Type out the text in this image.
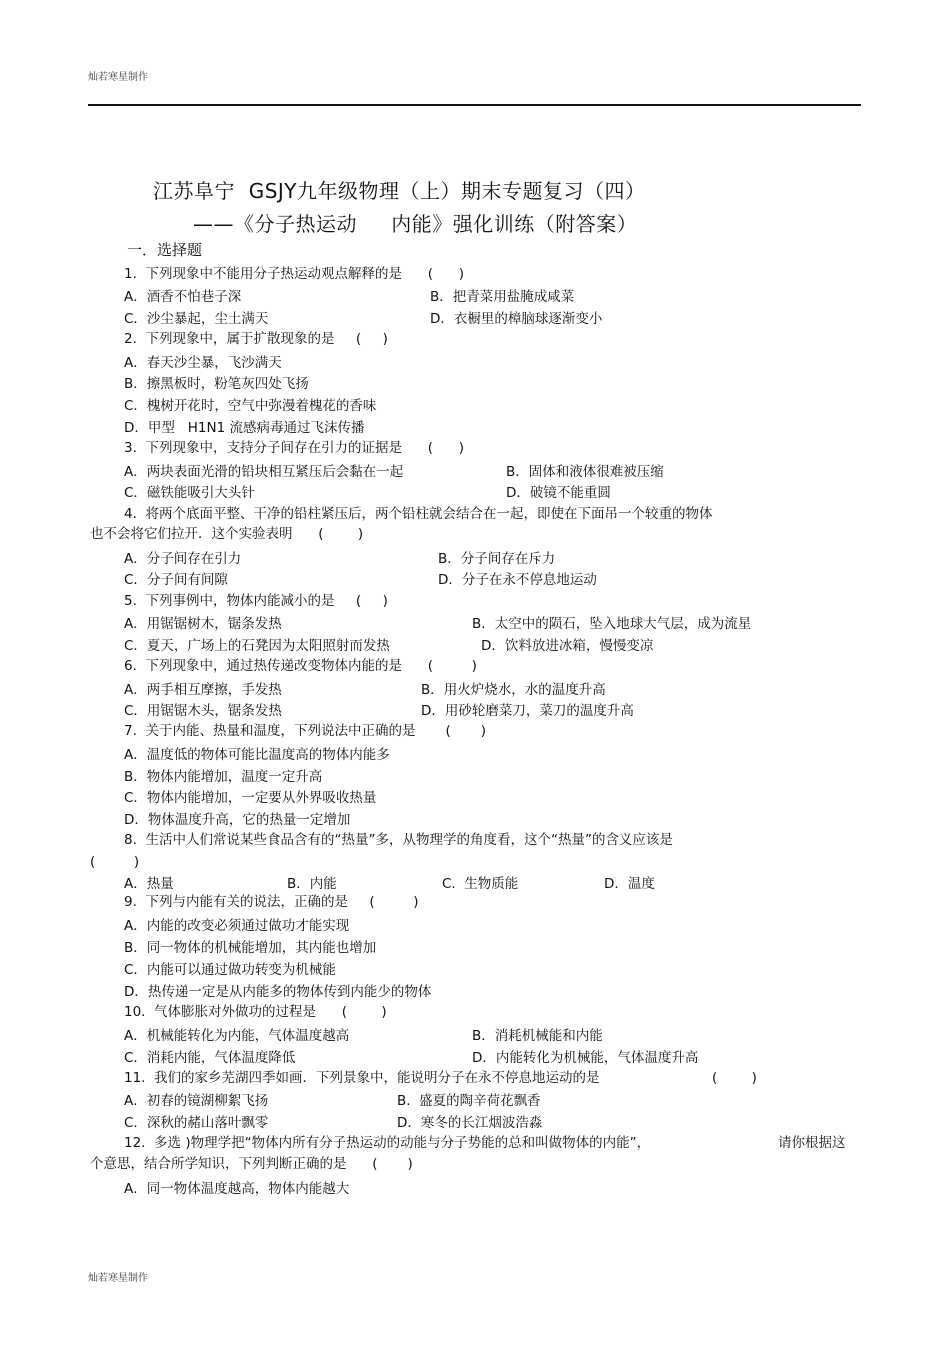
灿若寒星制作
江苏阜宁  GSJY九年级物理（上）期末专题复习（四）
——《分子热运动     内能》强化训练（附答案）
一．选择题
1.  下列现象中不能用分子热运动观点解释的是      (      )
A．酒香不怕巷子深	B．把青菜用盐腌成咸菜
C．沙尘暴起，尘土满天	D．衣橱里的樟脑球逐渐变小
2.  下列现象中，属于扩散现象的是     (     )
A．春天沙尘暴，飞沙满天
B．擦黑板时，粉笔灰四处飞扬
C．槐树开花时，空气中弥漫着槐花的香味
D．甲型   H1N1 流感病毒通过飞沫传播
3.  下列现象中，支持分子间存在引力的证据是      (      )
A．两块表面光滑的铅块相互紧压后会黏在一起	B．固体和液体很难被压缩
C．磁铁能吸引大头针	D．破镜不能重圆
4.  将两个底面平整、干净的铅柱紧压后，两个铅柱就会结合在一起，即使在下面吊一个较重的物体
也不会将它们拉开．这个实验表明      (        )
A．分子间存在引力	B．分子间存在斥力
C．分子间有间隙	D．分子在永不停息地运动
5.  下列事例中，物体内能减小的是     (     )
A．用锯锯树木，锯条发热	B．太空中的陨石，坠入地球大气层，成为流星
C．夏天，广场上的石凳因为太阳照射而发热	D．饮料放进冰箱，慢慢变凉
6.  下列现象中，通过热传递改变物体内能的是      (         )
A．两手相互摩擦，手发热	B．用火炉烧水，水的温度升高
C．用锯锯木头，锯条发热	D．用砂轮磨菜刀，菜刀的温度升高
7.  关于内能、热量和温度，下列说法中正确的是       (       )
A．温度低的物体可能比温度高的物体内能多
B．物体内能增加，温度一定升高
C．物体内能增加，一定要从外界吸收热量
D．物体温度升高，它的热量一定增加
8.  生活中人们常说某些食品含有的“热量”多，从物理学的角度看，这个“热量”的含义应该是
(         )
A．热量	B．内能	C.  生物质能	D．温度
9.  下列与内能有关的说法，正确的是     (         )
A．内能的改变必须通过做功才能实现
B．同一物体的机械能增加，其内能也增加
C．内能可以通过做功转变为机械能
D．热传递一定是从内能多的物体传到内能少的物体
10.  气体膨胀对外做功的过程是      (        )
A．机械能转化为内能，气体温度越高	B．消耗机械能和内能
C．消耗内能，气体温度降低	D．内能转化为机械能，气体温度升高
11.  我们的家乡芜湖四季如画．下列景象中，能说明分子在永不停息地运动的是	(        )
A．初春的镜湖柳絮飞扬	B.  盛夏的陶辛荷花飘香
C．深秋的赭山落叶飘零	D．寒冬的长江烟波浩淼
12.  多选 )物理学把“物体内所有分子热运动的动能与分子势能的总和叫做物体的内能”，	请你根据这
个意思，结合所学知识，下列判断正确的是      (       )
A．同一物体温度越高，物体内能越大
灿若寒星制作
